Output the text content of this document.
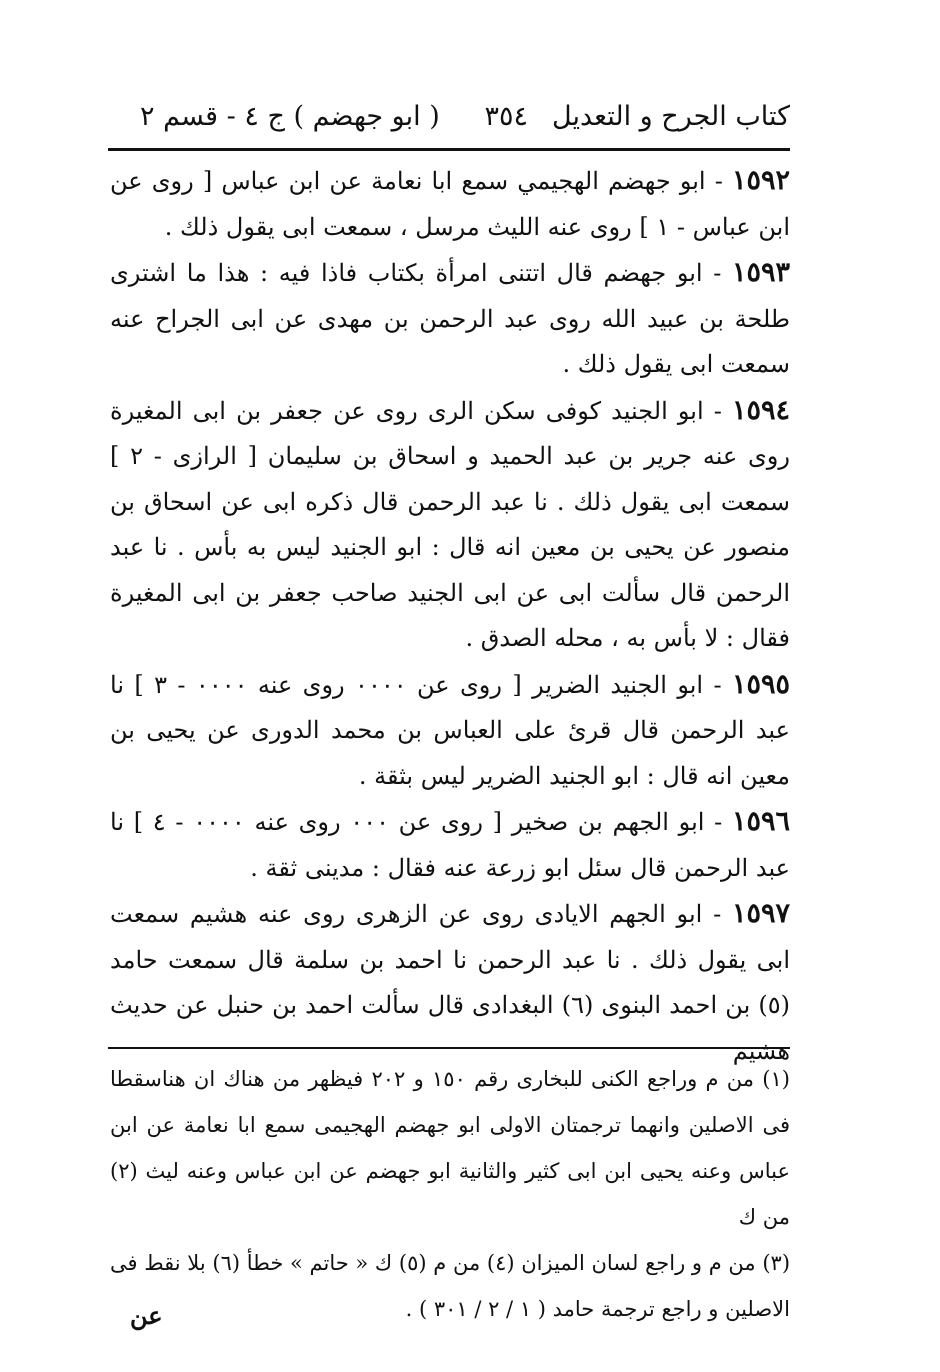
كتاب الجرح و التعديل
٣٥٤
( ابو جهضم ) ج ٤ - قسم ٢

١٥٩٢ - ابو جهضم الهجيمي سمع ابا نعامة عن ابن عباس [ روى عن ابن عباس - ١ ] روى عنه الليث مرسل ، سمعت ابى يقول ذلك .

١٥٩٣ - ابو جهضم قال اتتنى امرأة بكتاب فاذا فيه : هذا ما اشترى طلحة بن عبيد الله روى عبد الرحمن بن مهدى عن ابى الجراح عنه سمعت ابى يقول ذلك .

١٥٩٤ - ابو الجنيد كوفى سكن الرى روى عن جعفر بن ابى المغيرة روى عنه جرير بن عبد الحميد و اسحاق بن سليمان [ الرازى - ٢ ] سمعت ابى يقول ذلك . نا عبد الرحمن قال ذكره ابى عن اسحاق بن منصور عن يحيى بن معين انه قال : ابو الجنيد ليس به بأس . نا عبد الرحمن قال سألت ابى عن ابى الجنيد صاحب جعفر بن ابى المغيرة فقال : لا بأس به ، محله الصدق .

١٥٩٥ - ابو الجنيد الضرير [ روى عن ٠٠٠٠ روى عنه ٠٠٠٠ - ٣ ] نا عبد الرحمن قال قرئ على العباس بن محمد الدورى عن يحيى بن معين انه قال : ابو الجنيد الضرير ليس بثقة .

١٥٩٦ - ابو الجهم بن صخير [ روى عن ٠٠٠ روى عنه ٠٠٠٠ - ٤ ] نا عبد الرحمن قال سئل ابو زرعة عنه فقال : مدينى ثقة .

١٥٩٧ - ابو الجهم الايادى روى عن الزهرى روى عنه هشيم سمعت ابى يقول ذلك . نا عبد الرحمن نا احمد بن سلمة قال سمعت حامد (٥) بن احمد البنوى (٦) البغدادى قال سألت احمد بن حنبل عن حديث هشيم

(١) من م وراجع الكنى للبخارى رقم ١٥٠ و ٢٠٢ فيظهر من هناك ان هناسقطا فى الاصلين وانهما ترجمتان الاولى ابو جهضم الهجيمى سمع ابا نعامة عن ابن عباس وعنه يحيى ابن ابى كثير والثانية ابو جهضم عن ابن عباس وعنه ليث (٢) من ك

(٣) من م و راجع لسان الميزان (٤) من م (٥) ك « حاتم » خطأ (٦) بلا نقط فى الاصلين و راجع ترجمة حامد ( ١ / ٢ / ٣٠١ ) .

عن
